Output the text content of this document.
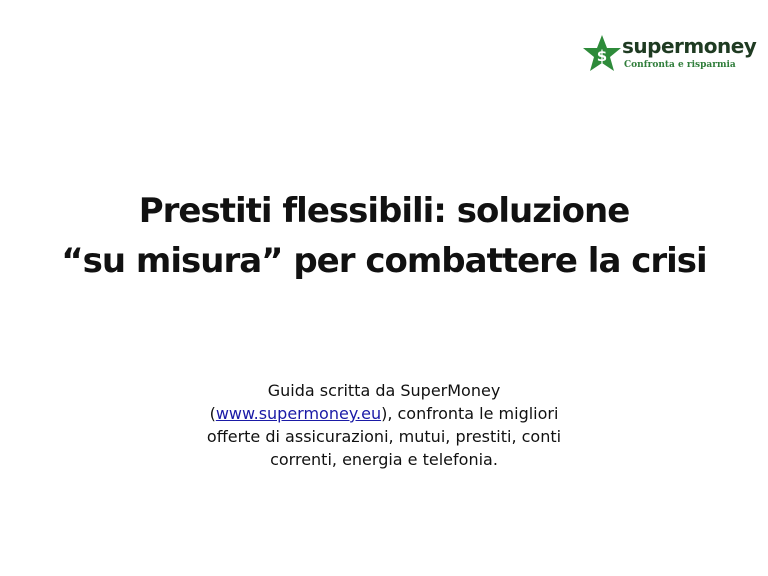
$ supermoney
Confronta e risparmia
Prestiti flessibili: soluzione
“su misura” per combattere la crisi
Guida scritta da SuperMoney
(www.supermoney.eu), confronta le migliori
offerte di assicurazioni, mutui, prestiti, conti
correnti, energia e telefonia.
